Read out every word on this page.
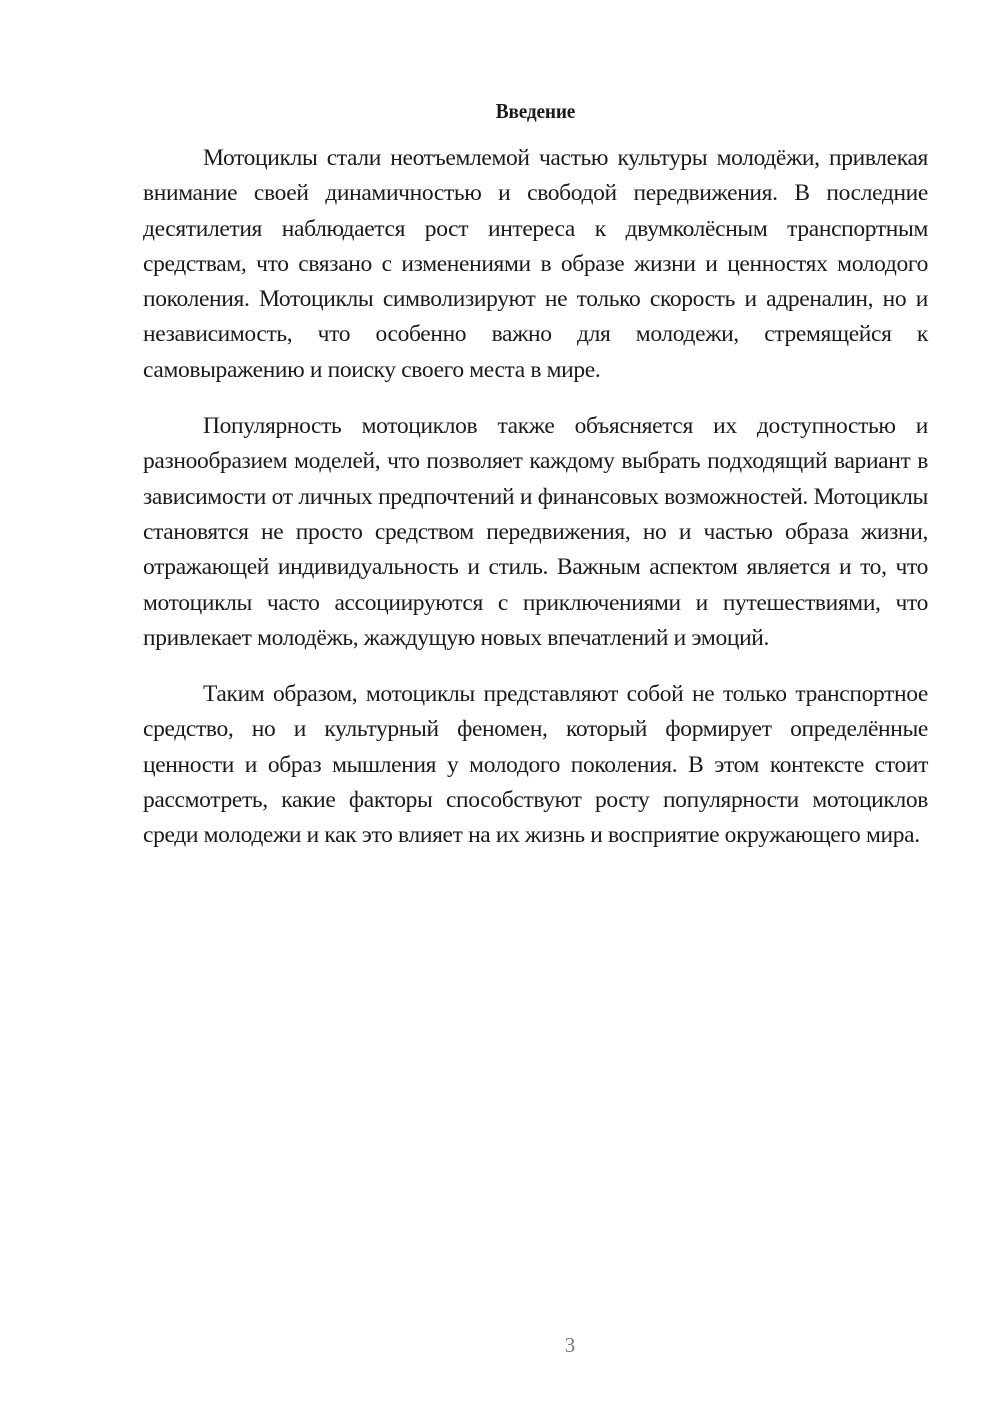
Введение

Мотоциклы стали неотъемлемой частью культуры молодёжи, привлекая внимание своей динамичностью и свободой передвижения. В последние десятилетия наблюдается рост интереса к двумколёсным транспортным средствам, что связано с изменениями в образе жизни и ценностях молодого поколения. Мотоциклы символизируют не только скорость и адреналин, но и независимость, что особенно важно для молодежи, стремящейся к самовыражению и поиску своего места в мире.

Популярность мотоциклов также объясняется их доступностью и разнообразием моделей, что позволяет каждому выбрать подходящий вариант в зависимости от личных предпочтений и финансовых возможностей. Мотоциклы становятся не просто средством передвижения, но и частью образа жизни, отражающей индивидуальность и стиль. Важным аспектом является и то, что мотоциклы часто ассоциируются с приключениями и путешествиями, что привлекает молодёжь, жаждущую новых впечатлений и эмоций.

Таким образом, мотоциклы представляют собой не только транспортное средство, но и культурный феномен, который формирует определённые ценности и образ мышления у молодого поколения. В этом контексте стоит рассмотреть, какие факторы способствуют росту популярности мотоциклов среди молодежи и как это влияет на их жизнь и восприятие окружающего мира.

3
